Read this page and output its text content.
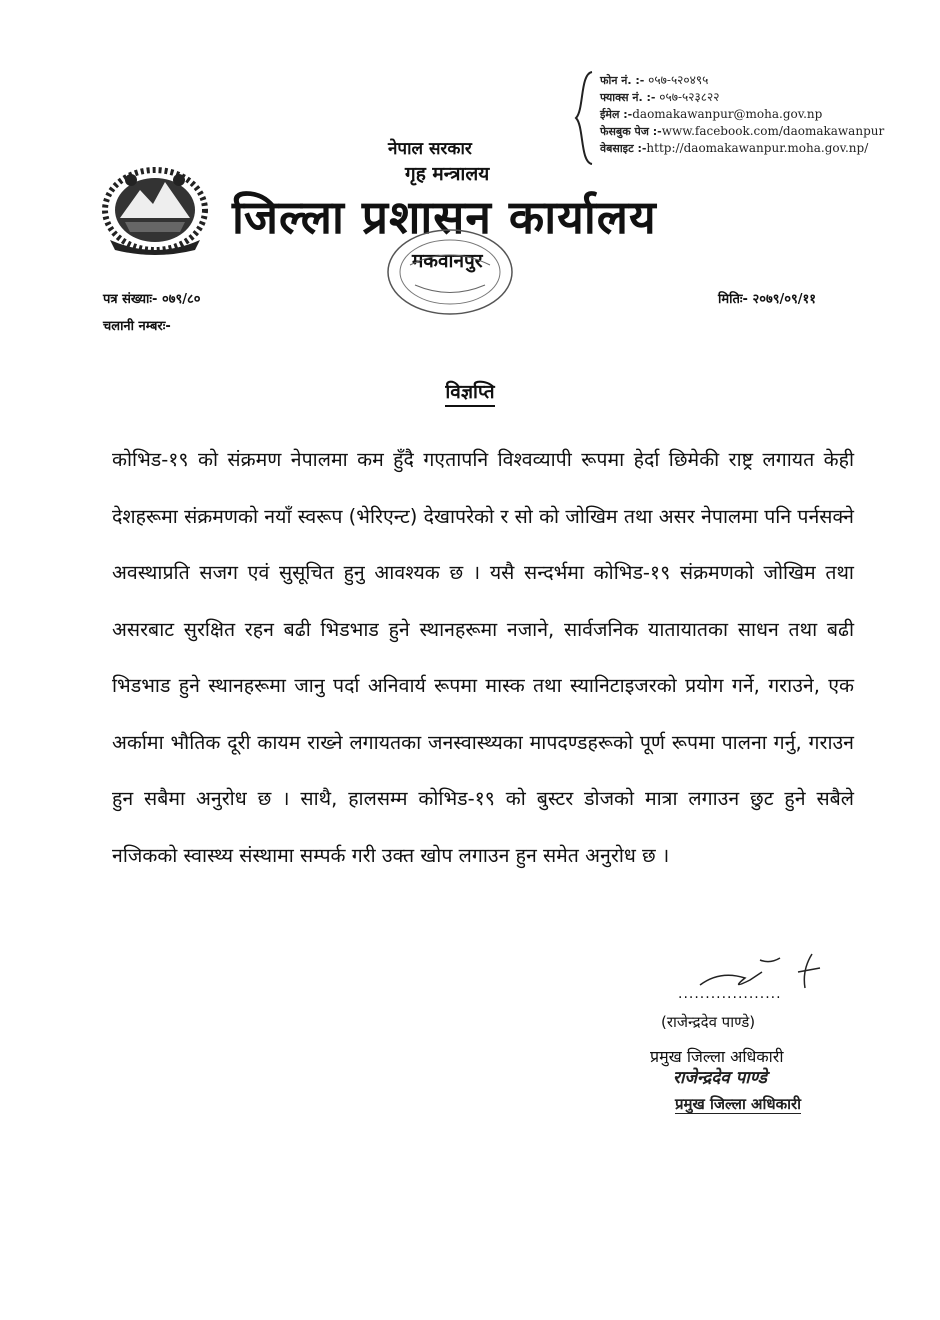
फोन नं. :- ०५७-५२०४९५
फ्याक्स नं. :- ०५७-५२३८२२
ईमेल :-daomakawanpur@moha.gov.np
फेसबुक पेज :-www.facebook.com/daomakawanpur
वेबसाइट :-http://daomakawanpur.moha.gov.np/
नेपाल सरकार
गृह मन्त्रालय
जिल्ला प्रशासन कार्यालय
मकवानपुर
पत्र संख्याः- ०७९/८०
चलानी नम्बरः-
मितिः- २०७९/०९/११
विज्ञप्ति
कोभिड-१९ को संक्रमण नेपालमा कम हुँदै गएतापनि विश्वव्यापी रूपमा हेर्दा छिमेकी राष्ट्र लगायत केही देशहरूमा संक्रमणको नयाँ स्वरूप (भेरिएन्ट) देखापरेको र सो को जोखिम तथा असर नेपालमा पनि पर्नसक्ने अवस्थाप्रति सजग एवं सुसूचित हुनु आवश्यक छ । यसै सन्दर्भमा कोभिड-१९ संक्रमणको जोखिम तथा असरबाट सुरक्षित रहन बढी भिडभाड हुने स्थानहरूमा नजाने, सार्वजनिक यातायातका साधन तथा बढी भिडभाड हुने स्थानहरूमा जानु पर्दा अनिवार्य रूपमा मास्क तथा स्यानिटाइजरको प्रयोग गर्ने, गराउने, एक अर्कामा भौतिक दूरी कायम राख्ने लगायतका जनस्वास्थ्यका मापदण्डहरूको पूर्ण रूपमा पालना गर्नु, गराउन हुन सबैमा अनुरोध छ । साथै, हालसम्म कोभिड-१९ को बुस्टर डोजको मात्रा लगाउन छुट हुने सबैले नजिकको स्वास्थ्य संस्थामा सम्पर्क गरी उक्त खोप लगाउन हुन समेत अनुरोध छ ।
...................
(राजेन्द्रदेव पाण्डे)
प्रमुख जिल्ला अधिकारी
राजेन्द्रदेव पाण्डे
प्रमुख जिल्ला अधिकारी
